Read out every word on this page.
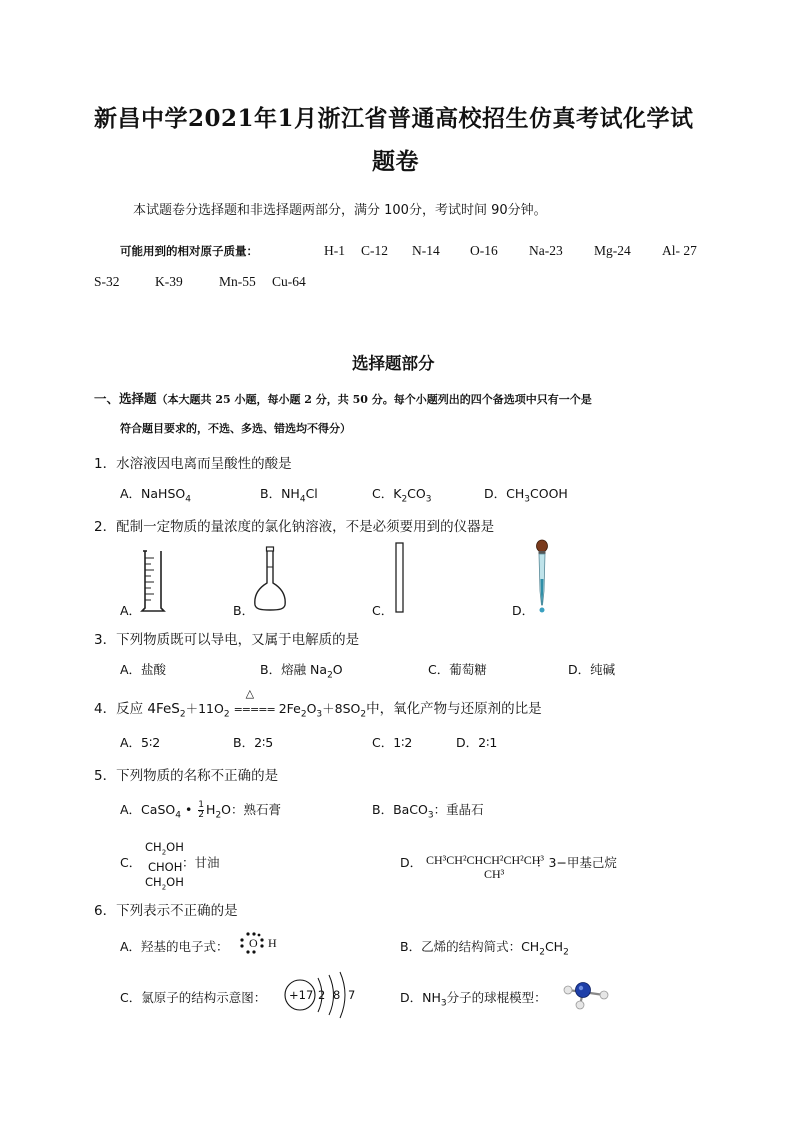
新昌中学2021年1月浙江省普通高校招生仿真考试化学试
题卷
本试题卷分选择题和非选择题两部分，满分 100分，考试时间 90分钟。
可能用到的相对原子质量：	H-1 C-12 N-14 O-16 Na-23 Mg-24 Al- 27
S-32	K-39	Mn-55 Cu-64
选择题部分
一、选择题（本大题共 25 小题，每小题 2 分，共 50 分。每个小题列出的四个备选项中只有一个是
符合题目要求的，不选、多选、错选均不得分）
1．水溶液因电离而呈酸性的酸是
A．NaHSO$_4$	B．$NH_4Cl$	C．$K_2CO_3$	D．$CH_3COOH$
2．配制一定物质的量浓度的氯化钠溶液，不是必须要用到的仪器是
A．	B．	C．	D．
3．下列物质既可以导电，又属于电解质的是
A．盐酸	B．熔融 $Na_2O$	C．葡萄糖	D．纯碱
4．反应 $4FeS_2+11O_2$
△
===== $2Fe_2O_3+8SO_2$中，氧化产物与还原剂的比是
A．5∶2	B．2∶5	C．1∶2	D．2∶1
5．下列物质的名称不正确的是
A．CaSO$_4$ • $\frac{1}{2} H_2O$：熟石膏	B．BaCO$_3$：重晶石
C．
$CH_2OH$
CHOH
$CH_2OH$
：甘油	D． CH³CH²CHCH²CH²CH³
CH³
：3−甲基己烷
6．下列表示不正确的是
A．羟基的电子式： O H	B．乙烯的结构简式：$CH_2CH_2$
C．氯原子的结构示意图： +17 2 8 7	D．$NH_3$分子的球棍模型：
